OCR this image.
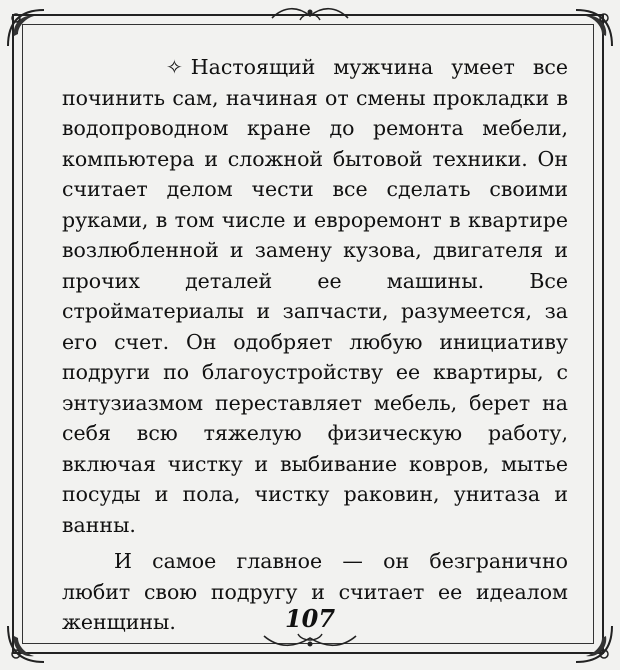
✧ Настоящий мужчина умеет все починить сам, начиная от смены прокладки в водопроводном кране до ремонта мебели, компьютера и сложной бытовой техники. Он считает делом чести все сделать своими руками, в том числе и евроремонт в квартире возлюбленной и замену кузова, двигателя и прочих деталей ее машины. Все стройматериалы и запчасти, разумеется, за его счет. Он одобряет любую инициативу подруги по благоустройству ее квартиры, с энтузиазмом переставляет мебель, берет на себя всю тяжелую физическую работу, включая чистку и выбивание ковров, мытье посуды и пола, чистку раковин, унитаза и ванны.

И самое главное — он безгранично любит свою подругу и считает ее идеалом женщины.	107
